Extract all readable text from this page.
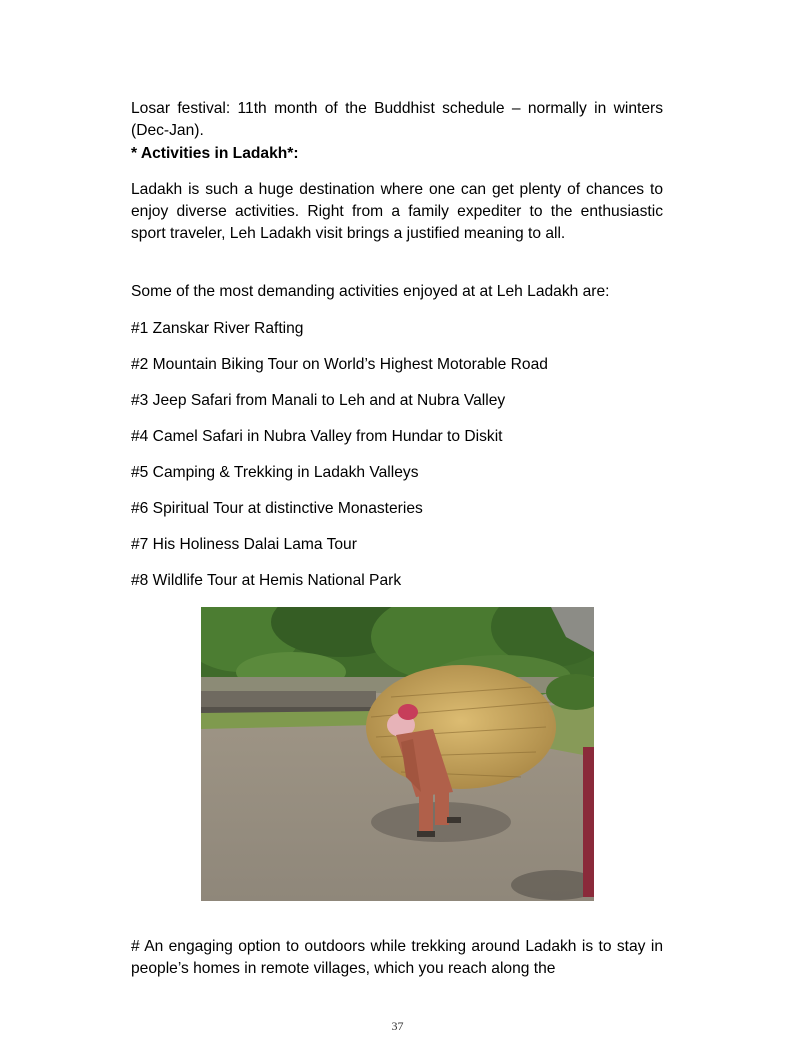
Losar festival: 11th month of the Buddhist schedule – normally in winters (Dec-Jan).

* Activities in Ladakh*:

Ladakh is such a huge destination where one can get plenty of chances to enjoy diverse activities. Right from a family expediter to the enthusiastic sport traveler, Leh Ladakh visit brings a justified meaning to all.

Some of the most demanding activities enjoyed at at Leh Ladakh are:

#1 Zanskar River Rafting

#2 Mountain Biking Tour on World’s Highest Motorable Road

#3 Jeep Safari from Manali to Leh and at Nubra Valley

#4 Camel Safari in Nubra Valley from Hundar to Diskit

#5 Camping & Trekking in Ladakh Valleys

#6 Spiritual Tour at distinctive Monasteries

#7 His Holiness Dalai Lama Tour

#8 Wildlife Tour at Hemis National Park

# An engaging option to outdoors while trekking around Ladakh is to stay in people’s homes in remote villages, which you reach along the

37
